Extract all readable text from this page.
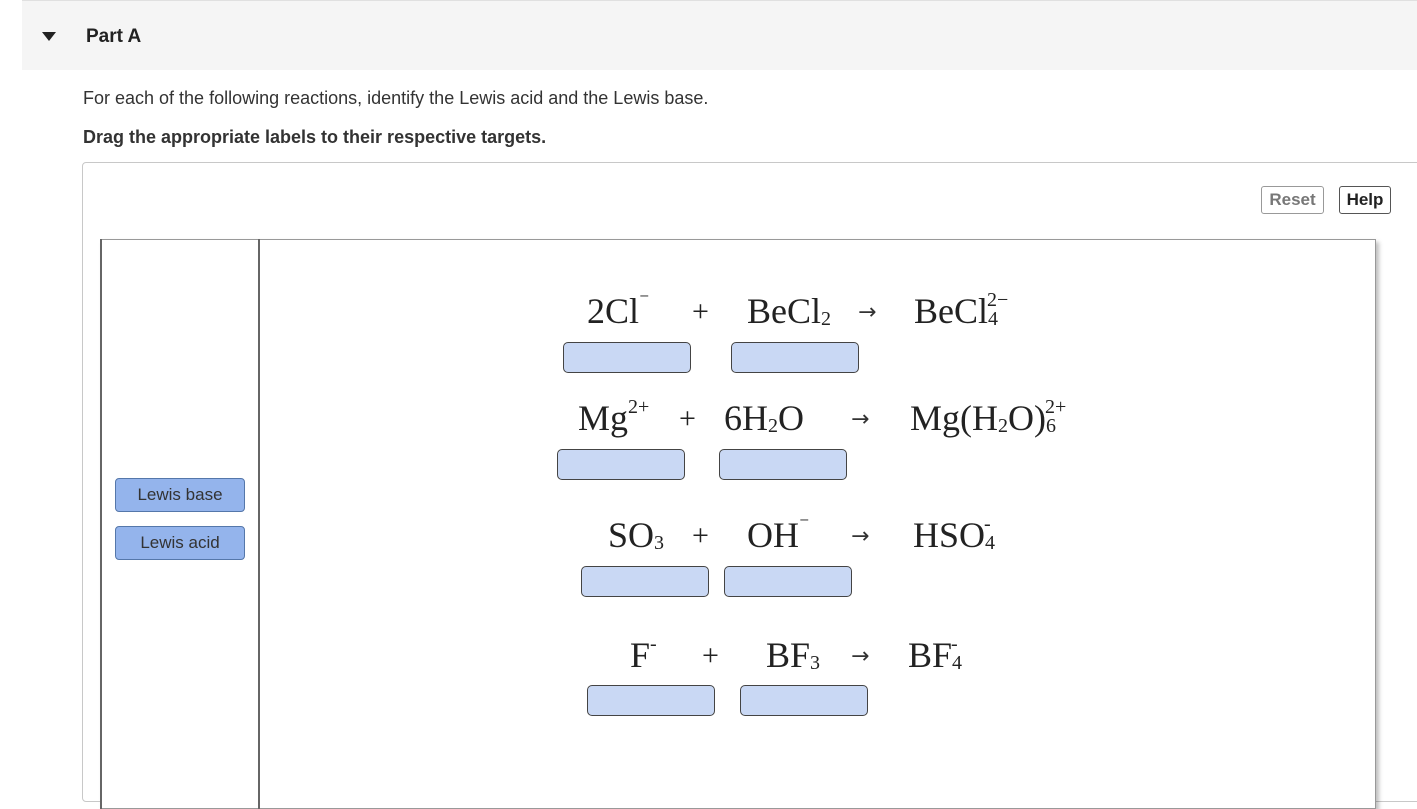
Part A
For each of the following reactions, identify the Lewis acid and the Lewis base.
Drag the appropriate labels to their respective targets.
Reset	Help
Lewis base
Lewis acid
2Cl⁻ + BeCl$_2$ → BeCl$_4^{2-}$
$Mg^{2+} + 6H_2O \to Mg(H_2O)_6^{2+}$
$SO_3 + OH^{^-} \to HSO_4^-$
$F^- + BF_3 \to BF_4^-$
